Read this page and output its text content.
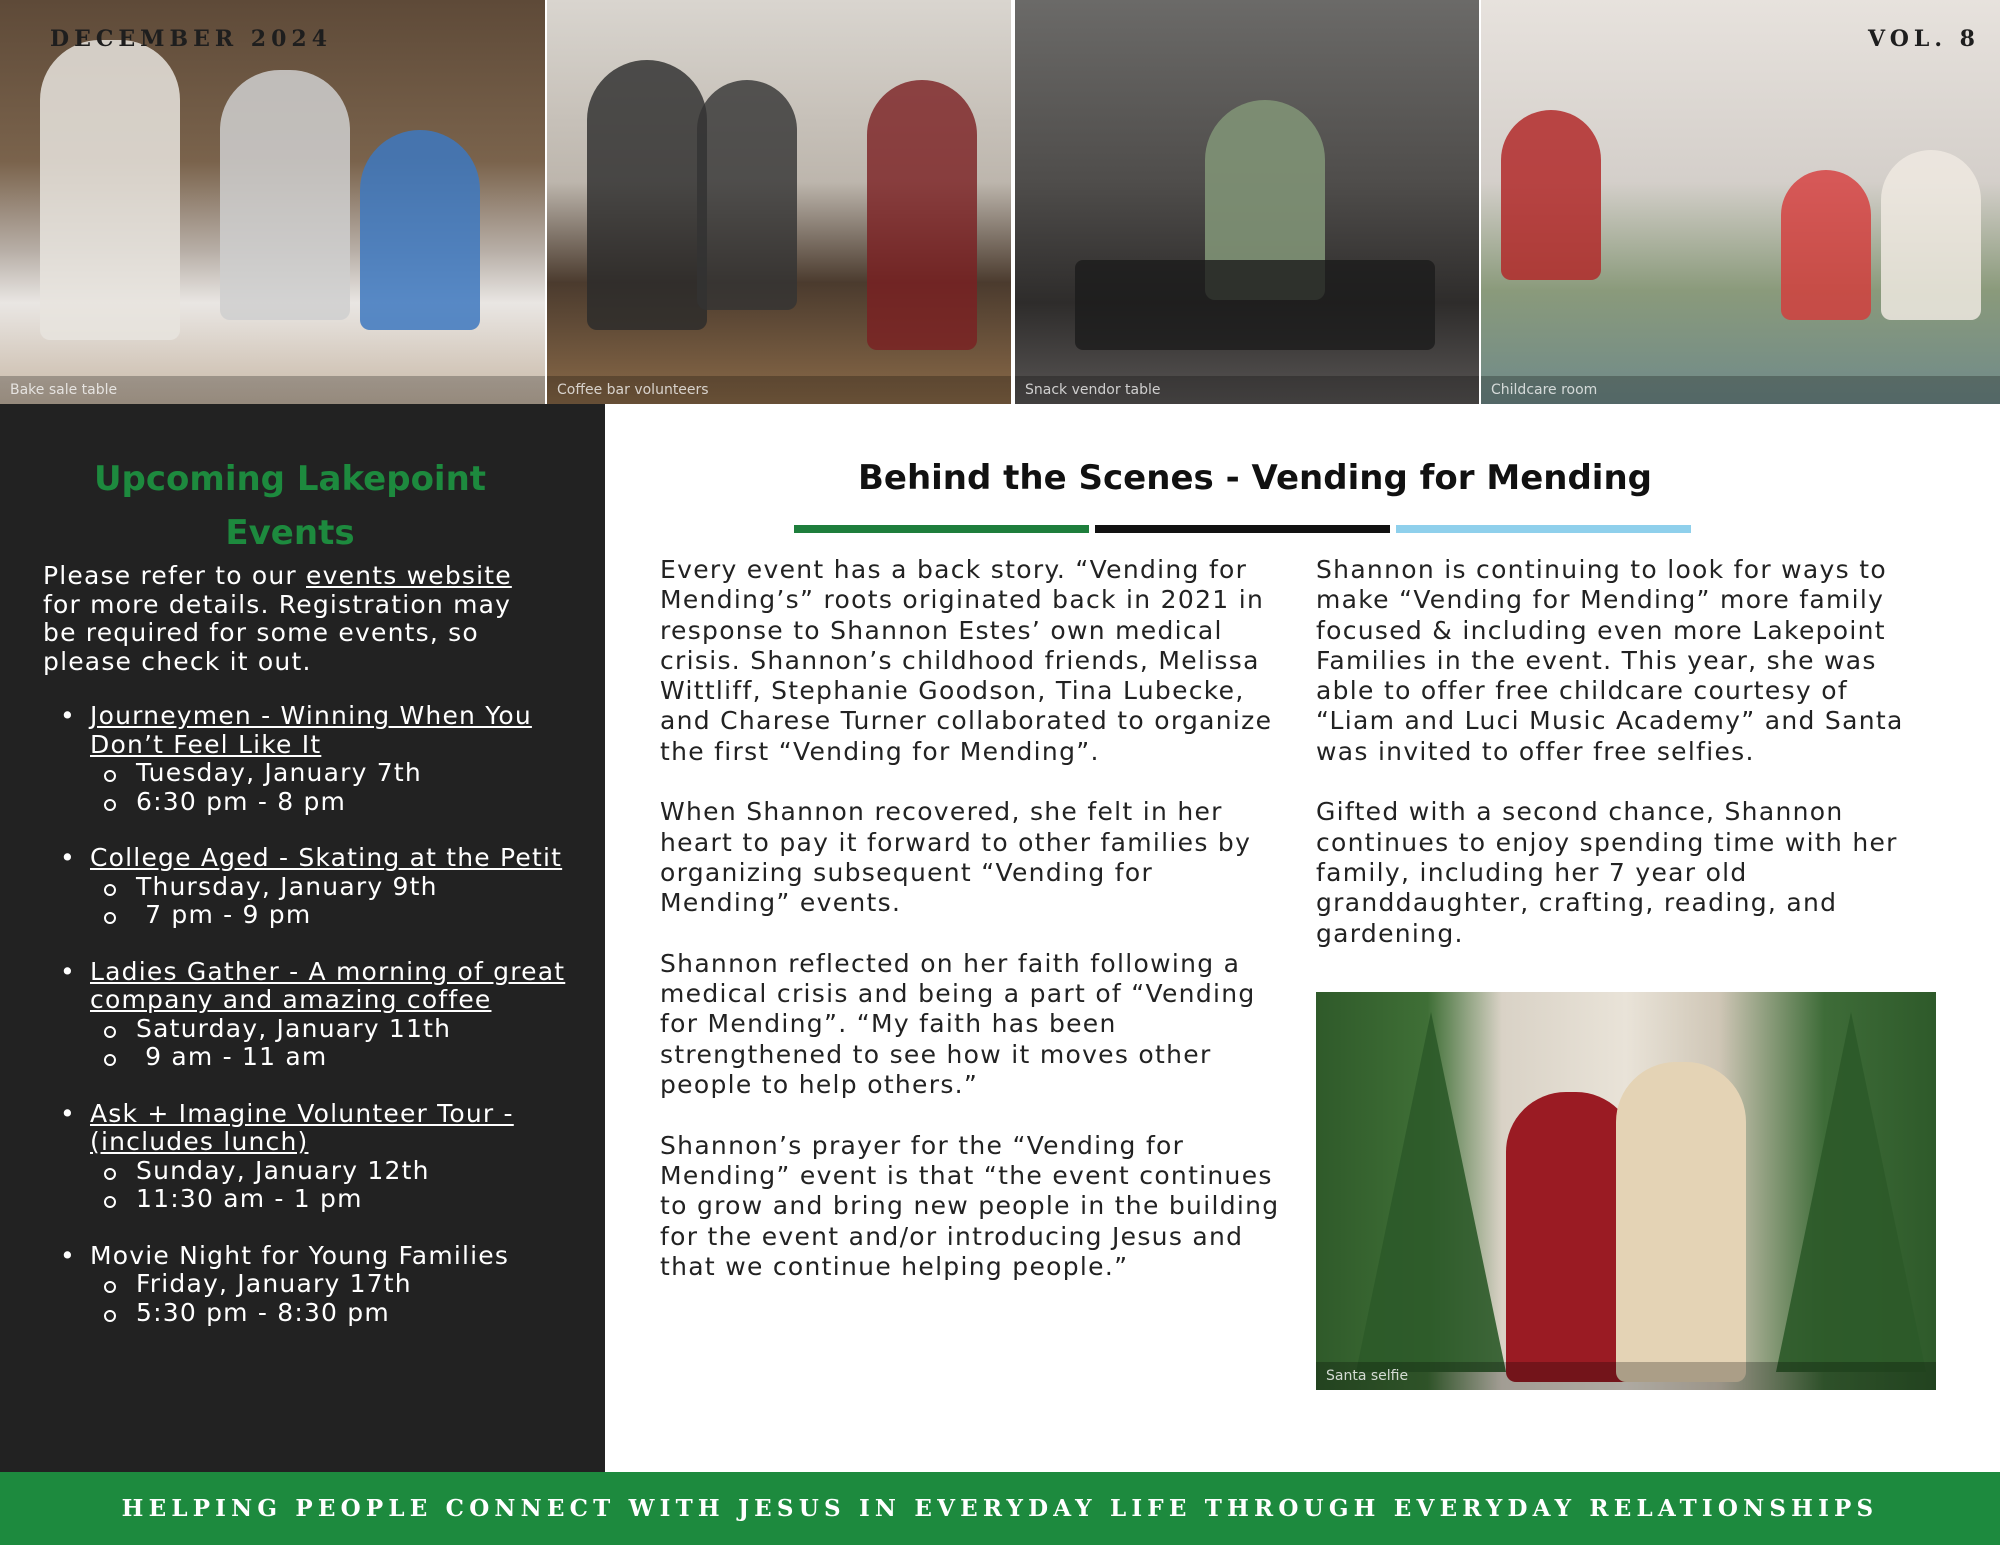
Bake sale table	Coffee bar volunteers	Snack vendor table	Childcare room
DECEMBER 2024	VOL. 8
Upcoming Lakepoint Events
Please refer to our events website for more details. Registration may be required for some events, so please check it out.
• Journeymen - Winning When You Don’t Feel Like It
Tuesday, January 7th
6:30 pm - 8 pm
• College Aged - Skating at the Petit
Thursday, January 9th
7 pm - 9 pm
• Ladies Gather - A morning of great company and amazing coffee
Saturday, January 11th
9 am - 11 am
• Ask + Imagine Volunteer Tour - (includes lunch)
Sunday, January 12th
11:30 am - 1 pm
• Movie Night for Young Families
Friday, January 17th
5:30 pm - 8:30 pm
Behind the Scenes - Vending for Mending

Every event has a back story. “Vending for Mending’s” roots originated back in 2021 in response to Shannon Estes’ own medical crisis. Shannon’s childhood friends, Melissa Wittliff, Stephanie Goodson, Tina Lubecke, and Charese Turner collaborated to organize the first “Vending for Mending”.

When Shannon recovered, she felt in her heart to pay it forward to other families by organizing subsequent “Vending for Mending” events.

Shannon reflected on her faith following a medical crisis and being a part of “Vending for Mending”. “My faith has been strengthened to see how it moves other people to help others.”

Shannon’s prayer for the “Vending for Mending” event is that “the event continues to grow and bring new people in the building for the event and/or introducing Jesus and that we continue helping people.”

Shannon is continuing to look for ways to make “Vending for Mending” more family focused & including even more Lakepoint Families in the event. This year, she was able to offer free childcare courtesy of “Liam and Luci Music Academy” and Santa was invited to offer free selfies.

Gifted with a second chance, Shannon continues to enjoy spending time with her family, including her 7 year old granddaughter, crafting, reading, and gardening.

Santa selfie
HELPING PEOPLE CONNECT WITH JESUS IN EVERYDAY LIFE THROUGH EVERYDAY RELATIONSHIPS
